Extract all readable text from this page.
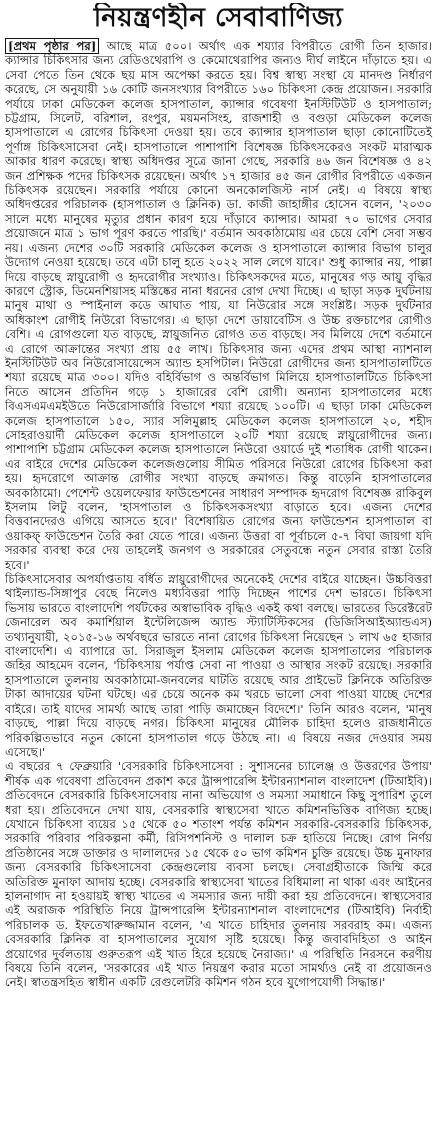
নিয়ন্ত্রণহীন সেবাবাণিজ্য

[প্রথম পৃষ্ঠার পর] আছে মাত্র ৫০০। অর্থাৎ এক শয্যার বিপরীতে রোগী তিন হাজার। ক্যান্সার চিকিৎসার জন্য রেডিওথেরাপি ও কেমোথেরাপির জন্যও দীর্ঘ লাইনে দাঁড়াতে হয়। এ সেবা পেতে তিন থেকে ছয় মাস অপেক্ষা করতে হয়। বিশ্ব স্বাস্থ্য সংস্থা যে মানদণ্ড নির্ধারণ করেছে, সে অনুযায়ী ১৬ কোটি জনসংখ্যার বিপরীতে ১৬০ চিকিৎসা কেন্দ্র প্রয়োজন। সরকারি পর্যায়ে ঢাকা মেডিকেল কলেজ হাসপাতাল, ক্যান্সার গবেষণা ইনস্টিটিউট ও হাসপাতাল; চট্টগ্রাম, সিলেট, বরিশাল, রংপুর, ময়মনসিংহ, রাজশাহী ও বগুড়া মেডিকেল কলেজ হাসপাতালে এ রোগের চিকিৎসা দেওয়া হয়। তবে ক্যান্সার হাসপাতাল ছাড়া কোনোটিতেই পূর্ণাঙ্গ চিকিৎসাসেবা নেই। হাসপাতালে পাশাপাশি বিশেষজ্ঞ চিকিৎসকেরও সংকট মারাত্মক আকার ধারণ করেছে। স্বাস্থ্য অধিদপ্তর সূত্রে জানা গেছে, সরকারি ৪৬ জন বিশেষজ্ঞ ও ৪২ জন প্রশিক্ষক পদের চিকিৎসক রয়েছেন। অর্থাৎ ১৭ হাজার ৪৫ জন রোগীর বিপরীতে একজন চিকিৎসক রয়েছেন। সরকারি পর্যায়ে কোনো অনকোলজিস্ট নার্স নেই। এ বিষয়ে স্বাস্থ্য অধিদপ্তরের পরিচালক (হাসপাতাল ও ক্লিনিক) ডা. কাজী জাহাঙ্গীর হোসেন বলেন, '২০৩০ সালে মধ্যে মানুষের মৃত্যুর প্রধান কারণ হয়ে দাঁড়াবে ক্যান্সার। আমরা ৭০ ভাগের সেবার প্রয়োজনে মাত্র ১ ভাগ পূরণ করতে পারছি।' বর্তমান অবকাঠামোয় এর চেয়ে বেশি সেবা সম্ভব নয়। এজন্য দেশের ৩০টি সরকারি মেডিকেল কলেজ ও হাসপাতালে ক্যান্সার বিভাগ চালুর উদ্যোগ নেওয়া হয়েছে। তবে এটা চালু হতে ২০২২ সাল লেগে যাবে।' শুধু ক্যান্সার নয়, পাল্লা দিয়ে বাড়ছে স্নায়ুরোগী ও হৃদরোগীর সংখ্যাও। চিকিৎসকদের মতে, মানুষের গড় আয়ু বৃদ্ধির কারণে স্ট্রোক, ডিমেনশিয়াসহ মস্তিষ্কের নানা ধরনের রোগ দেখা দিচ্ছে। এ ছাড়া সড়ক দুর্ঘটনায় মানুষ মাথা ও স্পাইনাল কডে আঘাত পায়, যা নিউরোর সঙ্গে সংশ্লিষ্ট। সড়ক দুর্ঘটনার অধিকাংশ রোগীই নিউরো বিভাগের। এ ছাড়া দেশে ডায়াবেটিস ও উচ্চ রক্তচাপের রোগীও বেশি। এ রোগগুলো যত বাড়ছে, স্নায়ুজনিত রোগও তত বাড়ছে। সব মিলিয়ে দেশে বর্তমানে এ রোগে আক্রান্তের সংখ্যা প্রায় ৫৫ লাখ। চিকিৎসার জন্য এদের প্রথম আস্থা ন্যাশনাল ইনস্টিটিউট অব নিউরোসায়েন্সেস অ্যান্ড হসপিটাল। নিউরো রোগীদের জন্য হাসপাতালটিতে শয্যা রয়েছে মাত্র ৩০০। যদিও বহির্বিভাগ ও অন্তর্বিভাগ মিলিয়ে হাসপাতালটিতে চিকিৎসা নিতে আসেন প্রতিদিন গড়ে ১ হাজারের বেশি রোগী। অন্যান্য হাসপাতালের মধ্যে বিএসএমএমইউতে নিউরোসার্জারি বিভাগে শয্যা রয়েছে ১০০টি। এ ছাড়া ঢাকা মেডিকেল কলেজ হাসপাতালে ১৫০, স্যার সলিমুল্লাহ মেডিকেল কলেজ হাসপাতালে ২০, শহীদ সোহরাওয়ার্দী মেডিকেল কলেজ হাসপাতালে ২০টি শয্যা রয়েছে স্নায়ুরোগীদের জন্য। পাশাপাশি চট্টগ্রাম মেডিকেল কলেজ হাসপাতালে নিউরো ওয়ার্ডে দুই শতাধিক রোগী থাকেন। এর বাইরে দেশের মেডিকেল কলেজগুলোয় সীমিত পরিসরে নিউরো রোগের চিকিৎসা করা হয়। হৃদরোগে আক্রান্ত রোগীর সংখ্যা বাড়ছে ক্রমাগত। কিন্তু বাড়েনি হাসপাতালের অবকাঠামো। পেশেন্ট ওয়েলফেয়ার ফাউন্ডেশনের সাধারণ সম্পাদক হৃদরোগ বিশেষজ্ঞ রাকিবুল ইসলাম লিটু বলেন, 'হাসপাতাল ও চিকিৎসকসংখ্যা বাড়াতে হবে। এজন্য দেশের বিত্তবানদেরও এগিয়ে আসতে হবে।' বিশেষায়িত রোগের জন্য ফাউন্ডেশন হাসপাতাল বা ওয়াকফ্ ফাউন্ডেশন তৈরি করা যেতে পারে। এজন্য উত্তরা বা পূর্বাচলে ৫-৭ বিঘা জায়গা যদি সরকার ব্যবস্থা করে দেয় তাহলেই জনগণ ও সরকারের সেতুবন্ধে নতুন সেবার রাস্তা তৈরি হবে।'

চিকিৎসাসেবার অপর্যাপ্ততায় বর্ধিত স্নায়ুরোগীদের অনেকেই দেশের বাইরে যাচ্ছেন। উচ্চবিত্তরা থাইল্যান্ড-সিঙ্গাপুর বেছে নিলেও মধ্যবিত্তরা পাড়ি দিচ্ছেন পাশের দেশ ভারতে। চিকিৎসা ভিসায় ভারতে বাংলাদেশি পর্যটকের অস্বাভাবিক বৃদ্ধিও একই কথা বলছে। ভারতের ডিরেক্টরেট জেনারেল অব কমার্শিয়াল ইন্টেলিজেন্স অ্যান্ড স্ট্যাটিস্টিকসের (ডিজিসিআইঅ্যান্ডএস) তথ্যানুযায়ী, ২০১৫-১৬ অর্থবছরে ভারতে নানা রোগের চিকিৎসা নিয়েছেন ১ লাখ ৬৫ হাজার বাংলাদেশি। এ ব্যাপারে ডা. সিরাজুল ইসলাম মেডিকেল কলেজ হাসপাতালের পরিচালক জহির আহমেদ বলেন, 'চিকিৎসায় পর্যাপ্ত সেবা না পাওয়া ও আস্থার সংকট রয়েছে। সরকারি হাসপাতালে তুলনায় অবকাঠামো-জনবলের ঘাটতি রয়েছে আর প্রাইভেট ক্লিনিকে অতিরিক্ত টাকা আদায়ের ঘটনা ঘটছে। এর চেয়ে অনেক কম খরচে ভালো সেবা পাওয়া যাচ্ছে দেশের বাইরে। তাই যাদের সামর্থ্য আছে তারা পাড়ি জমাচ্ছেন বিদেশে।' তিনি আরও বলেন, 'মানুষ বাড়ছে, পাল্লা দিয়ে বাড়ছে নগর। চিকিৎসা মানুষের মৌলিক চাহিদা হলেও রাজধানীতে পরিকল্পিতভাবে নতুন কোনো হাসপাতাল গড়ে উঠছে না। এ বিষয়ে নজর দেওয়ার সময় এসেছে।'

এ বছরের ৭ ফেব্রুয়ারি 'বেসরকারি চিকিৎসাসেবা : সুশাসনের চ্যালেঞ্জ ও উত্তরণের উপায়' শীর্ষক এক গবেষণা প্রতিবেদন প্রকাশ করে ট্রান্সপারেন্সি ইন্টারন্যাশনাল বাংলাদেশ (টিআইবি)। প্রতিবেদনে বেসরকারি চিকিৎসাসেবায় নানা অভিযোগ ও সমস্যা সমাধানে কিছু সুপারিশ তুলে ধরা হয়। প্রতিবেদনে দেখা যায়, বেসরকারি স্বাস্থ্যসেবা খাতে কমিশনভিত্তিক বাণিজ্য হচ্ছে। যেখানে চিকিৎসা ব্যয়ের ১৫ থেকে ৫০ শতাংশ পর্যন্ত কমিশন সরকারি-বেসরকারি চিকিৎসক, সরকারি পরিবার পরিকল্পনা কর্মী, রিসিপশনিস্ট ও দালাল চক্র হাতিয়ে নিচ্ছে। রোগ নির্ণয় প্রতিষ্ঠানের সঙ্গে ডাক্তার ও দালালদের ১৫ থেকে ৫০ ভাগ কমিশন চুক্তি রয়েছে। উচ্চ মুনাফার জন্য বেসরকারি চিকিৎসাসেবা কেন্দ্রগুলোয় ব্যবসা চলছে। সেবাগ্রহীতাকে জিম্মি করে অতিরিক্ত মুনাফা আদায় হচ্ছে। বেসরকারি স্বাস্থ্যসেবা খাতের বিধিমালা না থাকা এবং আইনের হালনাগাদ না হওয়ায়ই স্বাস্থ্য খাতের এ সমস্যার জন্য দায়ী করা হয় প্রতিবেদনে। স্বাস্থ্যসেবার এই অরাজক পরিস্থিতি নিয়ে ট্রান্সপারেন্সি ইন্টারন্যাশনাল বাংলাদেশের (টিআইবি) নির্বাহী পরিচালক ড. ইফতেখারুজ্জামান বলেন, 'এ খাতে চাহিদার তুলনায় সরবরাহ কম। এজন্য বেসরকারি ক্লিনিক বা হাসপাতালের সুযোগ সৃষ্টি হয়েছে। কিন্তু জবাবদিহিতা ও আইন প্রয়োগের দুর্বলতায় গুরুতরূপ এই খাত হিরে হয়েছে নৈরাজ্য।' এ পরিস্থিতি নিরসনে করণীয় বিষয়ে তিনি বলেন, 'সরকারের এই খাত নিয়ন্ত্রণ করার মতো সামর্থ্যও নেই বা প্রয়োজনও নেই। স্বাতন্ত্রসহিত স্বাধীন একটি রেগুলেটরি কমিশন গঠন হবে যুগোপযোগী সিদ্ধান্ত।'
